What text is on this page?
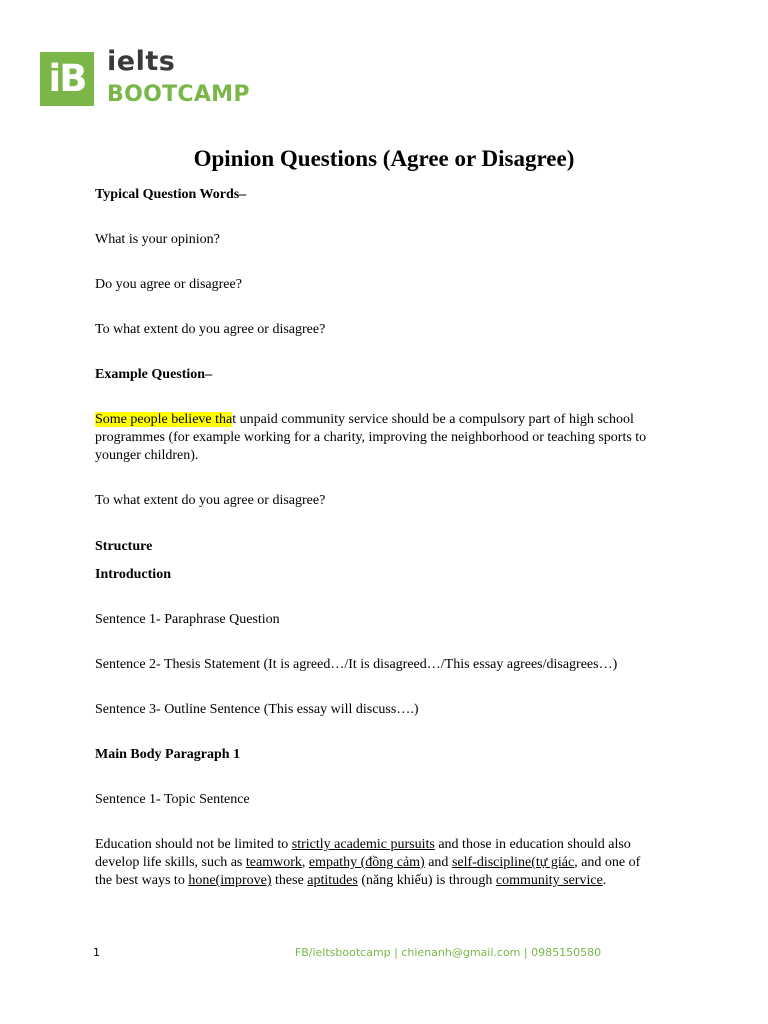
iB ielts
BOOTCAMP
Opinion Questions (Agree or Disagree)
Typical Question Words–
What is your opinion?
Do you agree or disagree?
To what extent do you agree or disagree?
Example Question–
Some people believe that unpaid community service should be a compulsory part of high school
programmes (for example working for a charity, improving the neighborhood or teaching sports to
younger children).
To what extent do you agree or disagree?
Structure
Introduction
Sentence 1- Paraphrase Question
Sentence 2- Thesis Statement (It is agreed…/It is disagreed…/This essay agrees/disagrees…)
Sentence 3- Outline Sentence (This essay will discuss….)
Main Body Paragraph 1
Sentence 1- Topic Sentence
Education should not be limited to strictly academic pursuits and those in education should also
develop life skills, such as teamwork, empathy (đồng cảm) and self-discipline(tự giác, and one of
the best ways to hone(improve) these aptitudes (năng khiếu) is through community service.
1	FB/ieltsbootcamp | chienanh@gmail.com | 0985150580
